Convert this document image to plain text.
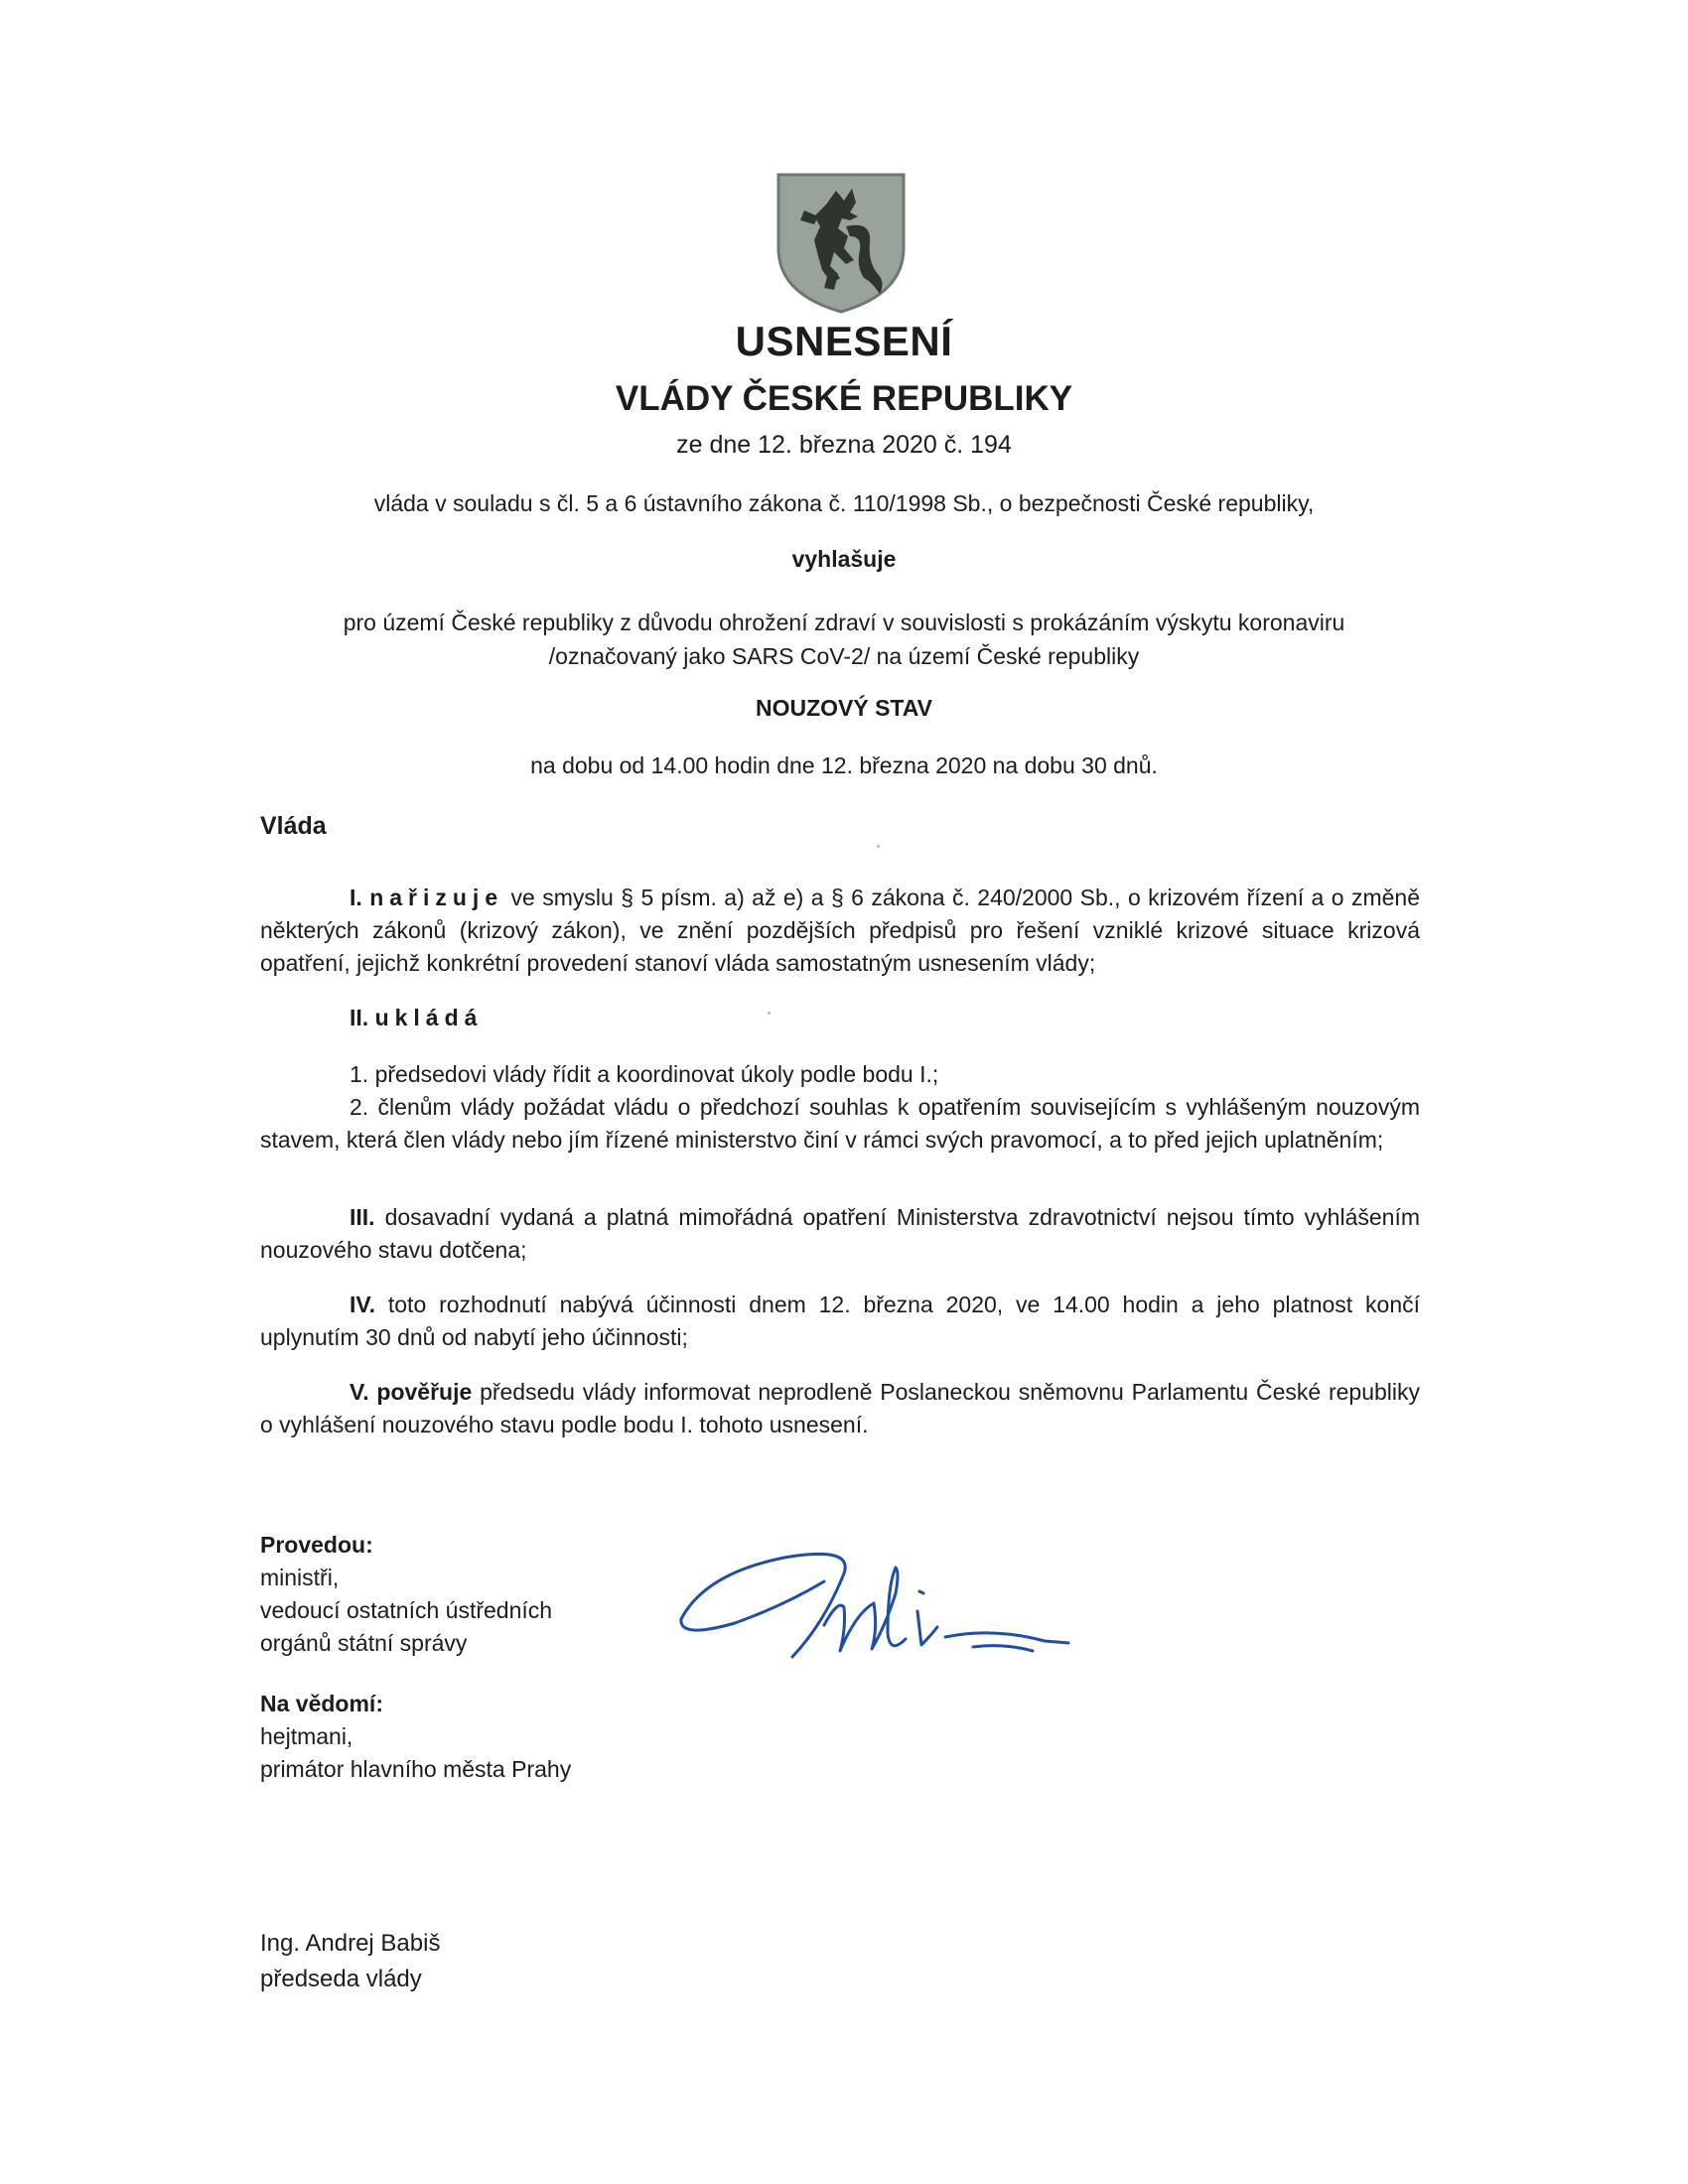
USNESENÍ
VLÁDY ČESKÉ REPUBLIKY
ze dne 12. března 2020 č. 194
vláda v souladu s čl. 5 a 6 ústavního zákona č. 110/1998 Sb., o bezpečnosti České republiky,
vyhlašuje
pro území České republiky z důvodu ohrožení zdraví v souvislosti s prokázáním výskytu koronaviru
/označovaný jako SARS CoV-2/ na území České republiky
NOUZOVÝ STAV
na dobu od 14.00 hodin dne 12. března 2020 na dobu 30 dnů.
Vláda
I. nařizuje ve smyslu § 5 písm. a) až e) a § 6 zákona č. 240/2000 Sb., o krizovém řízení a o změně některých zákonů (krizový zákon), ve znění pozdějších předpisů pro řešení vzniklé krizové situace krizová opatření, jejichž konkrétní provedení stanoví vláda samostatným usnesením vlády;
II. ukládá
1. předsedovi vlády řídit a koordinovat úkoly podle bodu I.;
2. členům vlády požádat vládu o předchozí souhlas k opatřením souvisejícím s vyhlášeným nouzovým stavem, která člen vlády nebo jím řízené ministerstvo činí v rámci svých pravomocí, a to před jejich uplatněním;
III. dosavadní vydaná a platná mimořádná opatření Ministerstva zdravotnictví nejsou tímto vyhlášením nouzového stavu dotčena;
IV. toto rozhodnutí nabývá účinnosti dnem 12. března 2020, ve 14.00 hodin a jeho platnost končí uplynutím 30 dnů od nabytí jeho účinnosti;
V. pověřuje předsedu vlády informovat neprodleně Poslaneckou sněmovnu Parlamentu České republiky o vyhlášení nouzového stavu podle bodu I. tohoto usnesení.
Provedou:
ministři,
vedoucí ostatních ústředních
orgánů státní správy
Na vědomí:
hejtmani,
primátor hlavního města Prahy
Ing. Andrej Babiš
předseda vlády
